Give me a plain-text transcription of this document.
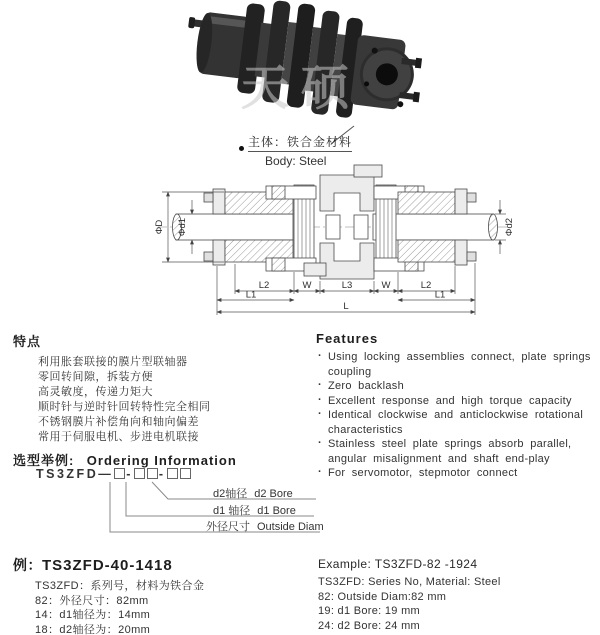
天硕
主体：铁合金材料
Body: Steel
ΦD Φd1	Φd2
L2	W	L3	W	L2
L1	L1
L
特点
利用胀套联接的膜片型联轴器
零回转间隙，拆装方便
高灵敏度，传递力矩大
顺时针与逆时针回转特性完全相同
不锈钢膜片补偿角向和轴向偏差
常用于伺服电机、步进电机联接
Features
· Using locking assemblies connect, plate springs coupling
· Zero backlash
· Excellent response and high torque capacity
· Identical clockwise and anticlockwise rotational characteristics
· Stainless steel plate springs absorb parallel, angular misalignment and shaft end-play
· For servomotor, stepmotor connect
选型举例: Ordering Information
TS3ZFD— - -
d2轴径 d2 Bore
d1 轴径 d1 Bore
外径尺寸 Outside Diam
例：TS3ZFD-40-1418
TS3ZFD：系列号，材料为铁合金
82：外径尺寸：82mm
14：d1轴径为：14mm
18：d2轴径为：20mm
Example: TS3ZFD-82 -1924
TS3ZFD: Series No, Material: Steel
82: Outside Diam:82 mm
19: d1 Bore: 19 mm
24: d2 Bore: 24 mm
